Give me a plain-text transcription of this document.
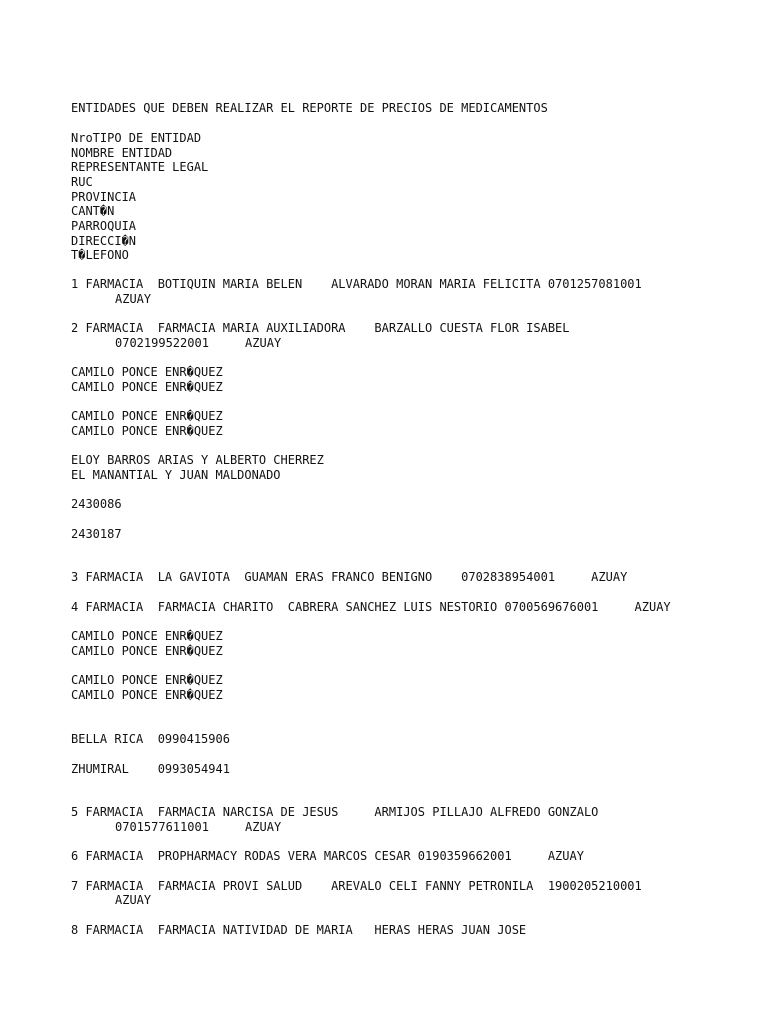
ENTIDADES QUE DEBEN REALIZAR EL REPORTE DE PRECIOS DE MEDICAMENTOS
NroTIPO DE ENTIDAD
NOMBRE ENTIDAD
REPRESENTANTE LEGAL
RUC
PROVINCIA
CANT�N
PARROQUIA
DIRECCI�N
T�LEFONO
1 FARMACIA  BOTIQUIN MARIA BELEN    ALVARADO MORAN MARIA FELICITA 0701257081001
AZUAY
2 FARMACIA  FARMACIA MARIA AUXILIADORA    BARZALLO CUESTA FLOR ISABEL
0702199522001     AZUAY
CAMILO PONCE ENR�QUEZ
CAMILO PONCE ENR�QUEZ
CAMILO PONCE ENR�QUEZ
CAMILO PONCE ENR�QUEZ
ELOY BARROS ARIAS Y ALBERTO CHERREZ
EL MANANTIAL Y JUAN MALDONADO
2430086
2430187
3 FARMACIA  LA GAVIOTA  GUAMAN ERAS FRANCO BENIGNO    0702838954001     AZUAY
4 FARMACIA  FARMACIA CHARITO  CABRERA SANCHEZ LUIS NESTORIO 0700569676001     AZUAY
CAMILO PONCE ENR�QUEZ
CAMILO PONCE ENR�QUEZ
CAMILO PONCE ENR�QUEZ
CAMILO PONCE ENR�QUEZ
BELLA RICA  0990415906
ZHUMIRAL    0993054941
5 FARMACIA  FARMACIA NARCISA DE JESUS     ARMIJOS PILLAJO ALFREDO GONZALO
0701577611001     AZUAY
6 FARMACIA  PROPHARMACY RODAS VERA MARCOS CESAR 0190359662001     AZUAY
7 FARMACIA  FARMACIA PROVI SALUD    AREVALO CELI FANNY PETRONILA  1900205210001
AZUAY
8 FARMACIA  FARMACIA NATIVIDAD DE MARIA   HERAS HERAS JUAN JOSE
